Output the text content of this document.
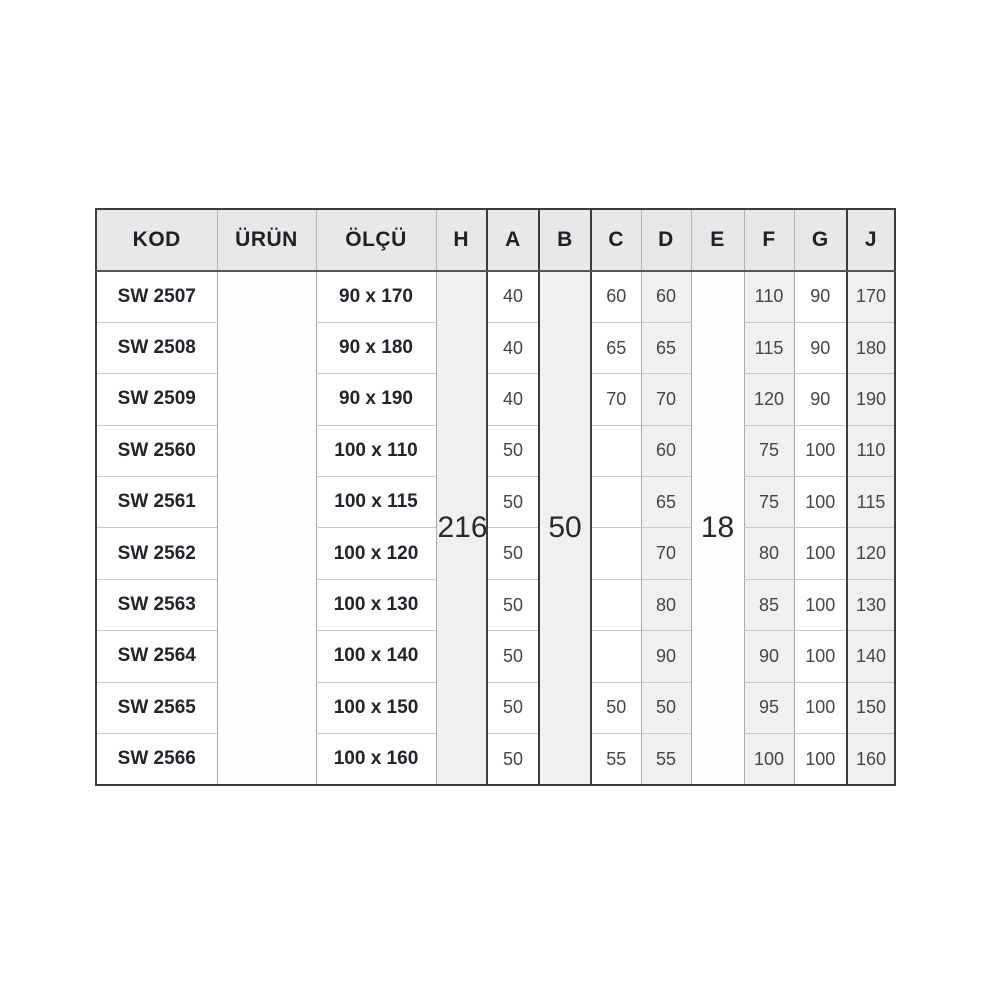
KOD	ÜRÜN	ÖLÇÜ	H	A	B	C	D	E	F	G	J
SW 2507		90 x 170	216	40	50	60	60	18	110	90	170
SW 2508		90 x 180		40		65	65		115	90	180
SW 2509		90 x 190		40		70	70		120	90	190
SW 2560		100 x 110		50			60		75	100	110
SW 2561		100 x 115		50			65		75	100	115
SW 2562		100 x 120		50			70		80	100	120
SW 2563		100 x 130		50			80		85	100	130
SW 2564		100 x 140		50			90		90	100	140
SW 2565		100 x 150		50		50	50		95	100	150
SW 2566		100 x 160		50		55	55		100	100	160
